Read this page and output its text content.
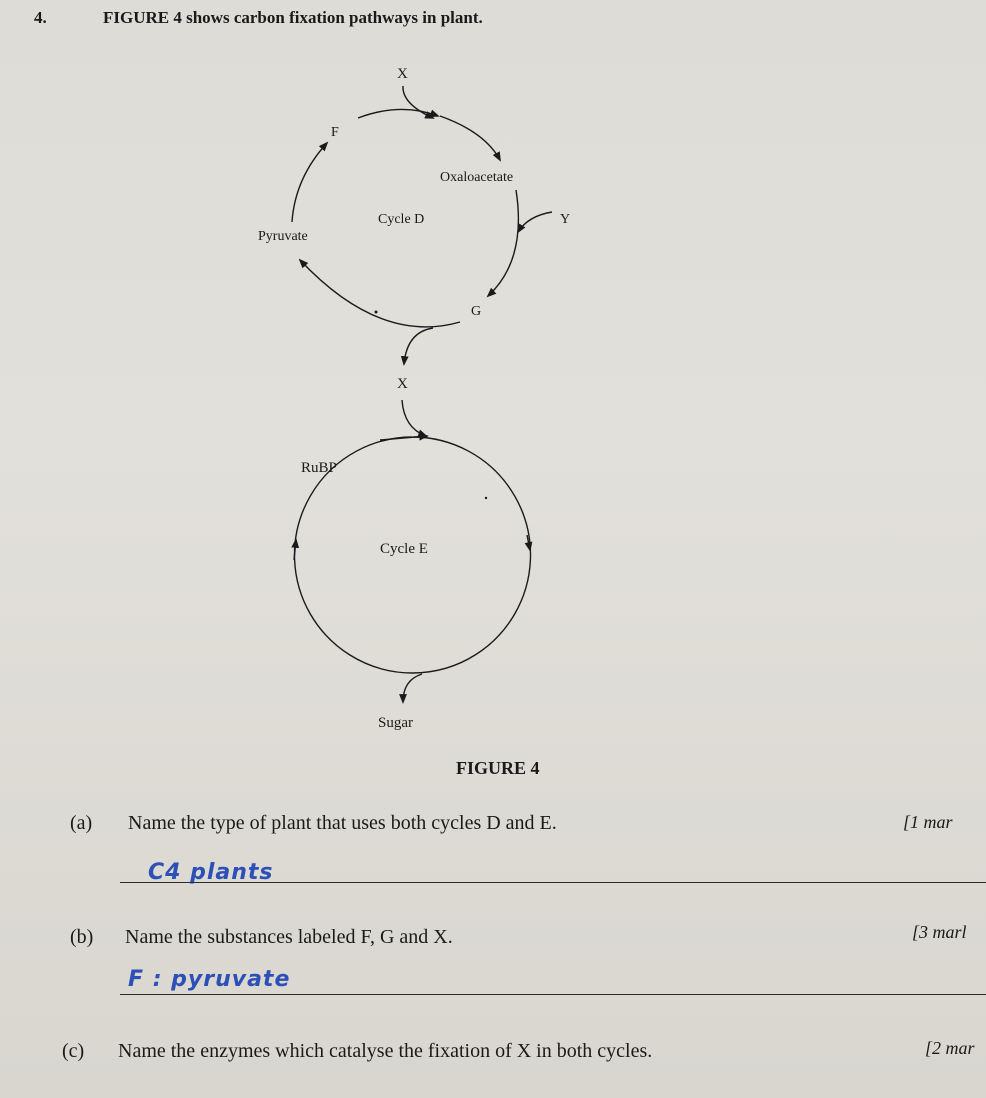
4.	FIGURE 4 shows carbon fixation pathways in plant.
X
F
Oxaloacetate
Cycle D	Y
Pyruvate
G
X
RuBP
Cycle E
Sugar
FIGURE 4
(a) Name the type of plant that uses both cycles D and E.	[1 mar
C4 plants
(b) Name the substances labeled F, G and X.	[3 marl
F : pyruvate
(c) Name the enzymes which catalyse the fixation of X in both cycles.	[2 mar
